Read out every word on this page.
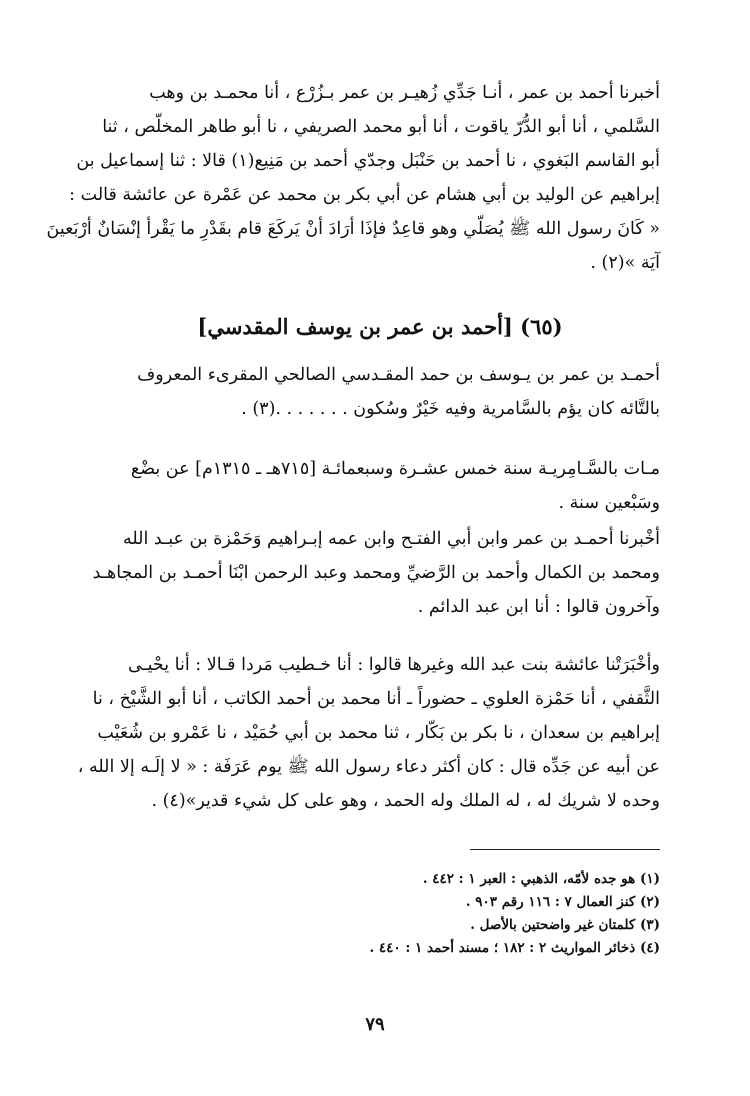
أخبرنا أحمد بن عمر ، أنـا جَدِّي زُهيـر بن عمر بـزُرْع ، أنا محمـد بن وهب
السَّلمي ، أنا أبو الدُّرّ ياقوت ، أنا أبو محمد الصريفي ، نا أبو طاهر المخلّص ، ثنا
أبو القاسم البَغوي ، نا أحمد بن حَنْبَل وجدّي أحمد بن مَنِيع(١) قالا : ثنا إسماعيل بن
إبراهيم عن الوليد بن أبي هشام عن أبي بكر بن محمد عن عَمْرة عن عائشة قالت :
« كَانَ رسول الله ﷺ يُصَلّي وهو قاعِدٌ فإذَا أرَادَ أنْ يَركَعَ قام بقَدْرِ ما يَقْرأ إنْسَانٌ أرْبَعينَ
آيَة »(٢) .
(٦٥) [أحمد بن عمر بن يوسف المقدسي]
أحمـد بن عمر بن يـوسف بن حمد المقـدسي الصالحي المقرىء المعروف
بالتَّائه كان يؤم بالسَّامرية وفيه خَيْرٌ وسُكون . . . . . . .(٣) .
مـات بالسَّـامِريـة سنة خمس عشـرة وسبعمائـة [٧١٥هـ ـ ١٣١٥م] عن بضْع
وسَبْعين سنة .
أخْبرنا أحمـد بن عمر وابن أبي الفتـح وابن عمه إبـراهيم وَحَمْزة بن عبـد الله
ومحمد بن الكمال وأحمد بن الرَّضيِّ ومحمد وعبد الرحمن ابْنَا أحمـد بن المجاهـد
وآخرون قالوا : أنا ابن عبد الدائم .
وأخْبَرَتْنا عائشة بنت عبد الله وغيرها قالوا : أنا خـطيب مَردا قـالا : أنا يحْيـى
الثَّقفي ، أنا حَمْزة العلوي ـ حضوراً ـ أنا محمد بن أحمد الكاتب ، أنا أبو الشَّيْخ ، نا
إبراهيم بن سعدان ، نا بكر بن بَكّار ، ثنا محمد بن أبي حُمَيْد ، نا عَمْرو بن شُعَيْب
عن أبيه عن جَدِّه قال : كان أكثر دعاء رسول الله ﷺ يوم عَرَفَة : « لا إلَـه إلا الله ،
وحده لا شريك له ، له الملك وله الحمد ، وهو على كل شيء قدير»(٤) .
(١) هو جده لأمّه، الذهبي : العبر ١ : ٤٤٢ .
(٢) كنز العمال ٧ : ١١٦ رقم ٩٠٣ .
(٣) كلمتان غير واضحتين بالأصل .
(٤) ذخائر المواريث ٢ : ١٨٢ ؛ مسند أحمد ١ : ٤٤٠ .
٧٩
